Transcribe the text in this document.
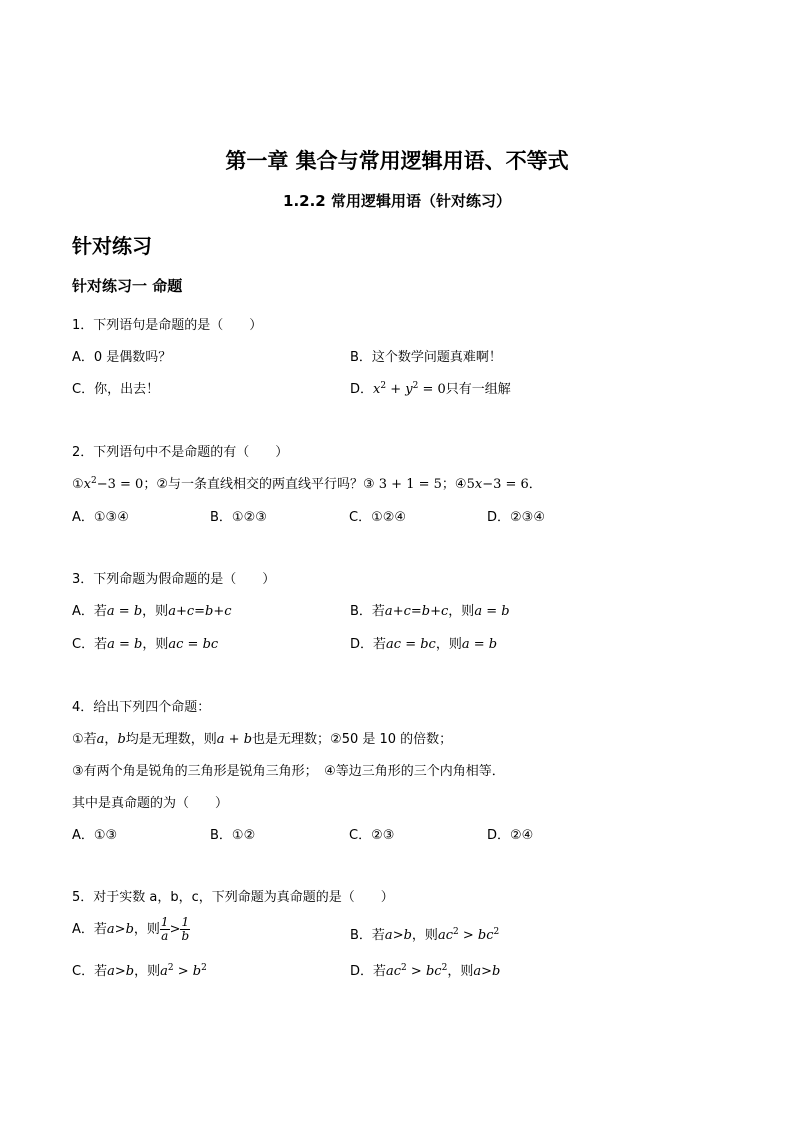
第一章 集合与常用逻辑用语、不等式
1.2.2 常用逻辑用语（针对练习）
针对练习
针对练习一 命题
1．下列语句是命题的是（　　）
A．0 是偶数吗？	B．这个数学问题真难啊！
C．你，出去！	D．$x^2 + y^2 = 0$只有一组解
2．下列语句中不是命题的有（　　）
$①x^2-3 = 0$；②与一条直线相交的两直线平行吗？③ 3 + 1 = 5；④5x−3 = 6．
A．①③④	B．①②③	C．①②④	D．②③④
3．下列命题为假命题的是（　　）
A．若a = b，则a+c=b+c	B．若a+c=b+c，则a = b
C．若a = b，则ac = bc	D．若ac = bc，则a = b
4．给出下列四个命题：
①若a，b均是无理数，则a + b也是无理数；②50 是 10 的倍数；
③有两个角是锐角的三角形是锐角三角形；　④等边三角形的三个内角相等．
其中是真命题的为（　　）
A．①③	B．①②	C．②③	D．②④
5．对于实数 a，b，c，下列命题为真命题的是（　　）
A．若a>b，则 $\frac{1}{a} > \frac{1}{b}$	B．若a>b，则$ac^2 > bc^2$
C．若a>b，则$a^2 > b^2$	D．若$ac^2 > bc^2$，则a>b
